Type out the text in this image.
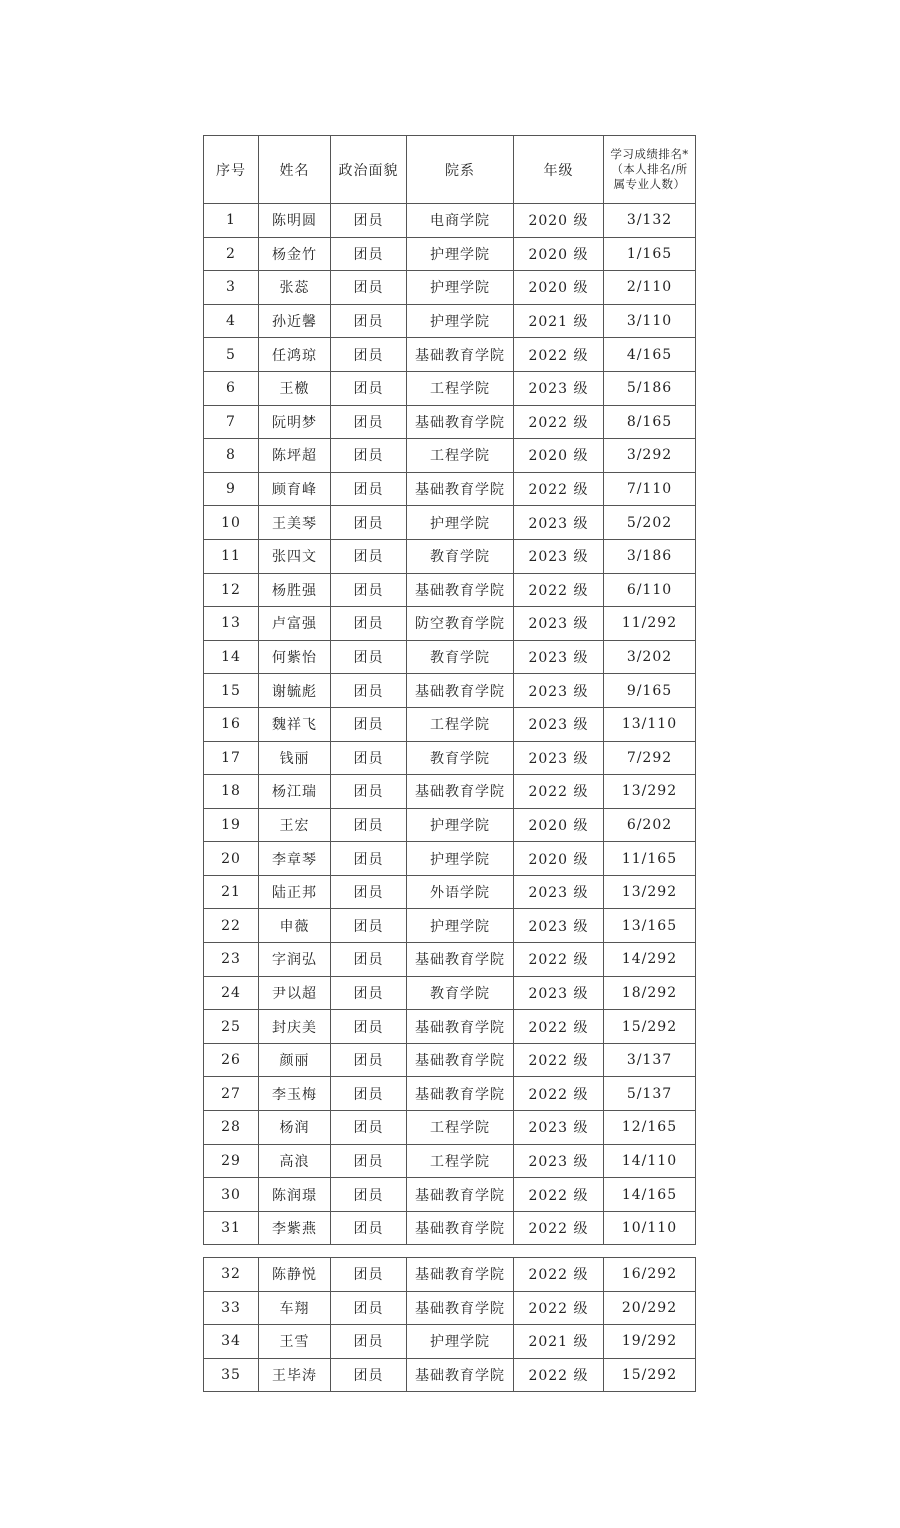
序号	姓名	政治面貌	院系	年级	学习成绩排名*（本人排名/所 属专业人数）
1	陈明圆	团员	电商学院	2020 级	3/132
2	杨金竹	团员	护理学院	2020 级	1/165
3	张蕊	团员	护理学院	2020 级	2/110
4	孙近馨	团员	护理学院	2021 级	3/110
5	任鸿琼	团员	基础教育学院	2022 级	4/165
6	王檄	团员	工程学院	2023 级	5/186
7	阮明梦	团员	基础教育学院	2022 级	8/165
8	陈坪超	团员	工程学院	2020 级	3/292
9	顾育峰	团员	基础教育学院	2022 级	7/110
10	王美琴	团员	护理学院	2023 级	5/202
11	张四文	团员	教育学院	2023 级	3/186
12	杨胜强	团员	基础教育学院	2022 级	6/110
13	卢富强	团员	防空教育学院	2023 级	11/292
14	何紫怡	团员	教育学院	2023 级	3/202
15	谢毓彪	团员	基础教育学院	2023 级	9/165
16	魏祥飞	团员	工程学院	2023 级	13/110
17	钱丽	团员	教育学院	2023 级	7/292
18	杨江瑞	团员	基础教育学院	2022 级	13/292
19	王宏	团员	护理学院	2020 级	6/202
20	李章琴	团员	护理学院	2020 级	11/165
21	陆正邦	团员	外语学院	2023 级	13/292
22	申薇	团员	护理学院	2023 级	13/165
23	字润弘	团员	基础教育学院	2022 级	14/292
24	尹以超	团员	教育学院	2023 级	18/292
25	封庆美	团员	基础教育学院	2022 级	15/292
26	颜丽	团员	基础教育学院	2022 级	3/137
27	李玉梅	团员	基础教育学院	2022 级	5/137
28	杨润	团员	工程学院	2023 级	12/165
29	高浪	团员	工程学院	2023 级	14/110
30	陈润璟	团员	基础教育学院	2022 级	14/165
31	李紫燕	团员	基础教育学院	2022 级	10/110
32	陈静悦	团员	基础教育学院	2022 级	16/292
33	车翔	团员	基础教育学院	2022 级	20/292
34	王雪	团员	护理学院	2021 级	19/292
35	王毕涛	团员	基础教育学院	2022 级	15/292
